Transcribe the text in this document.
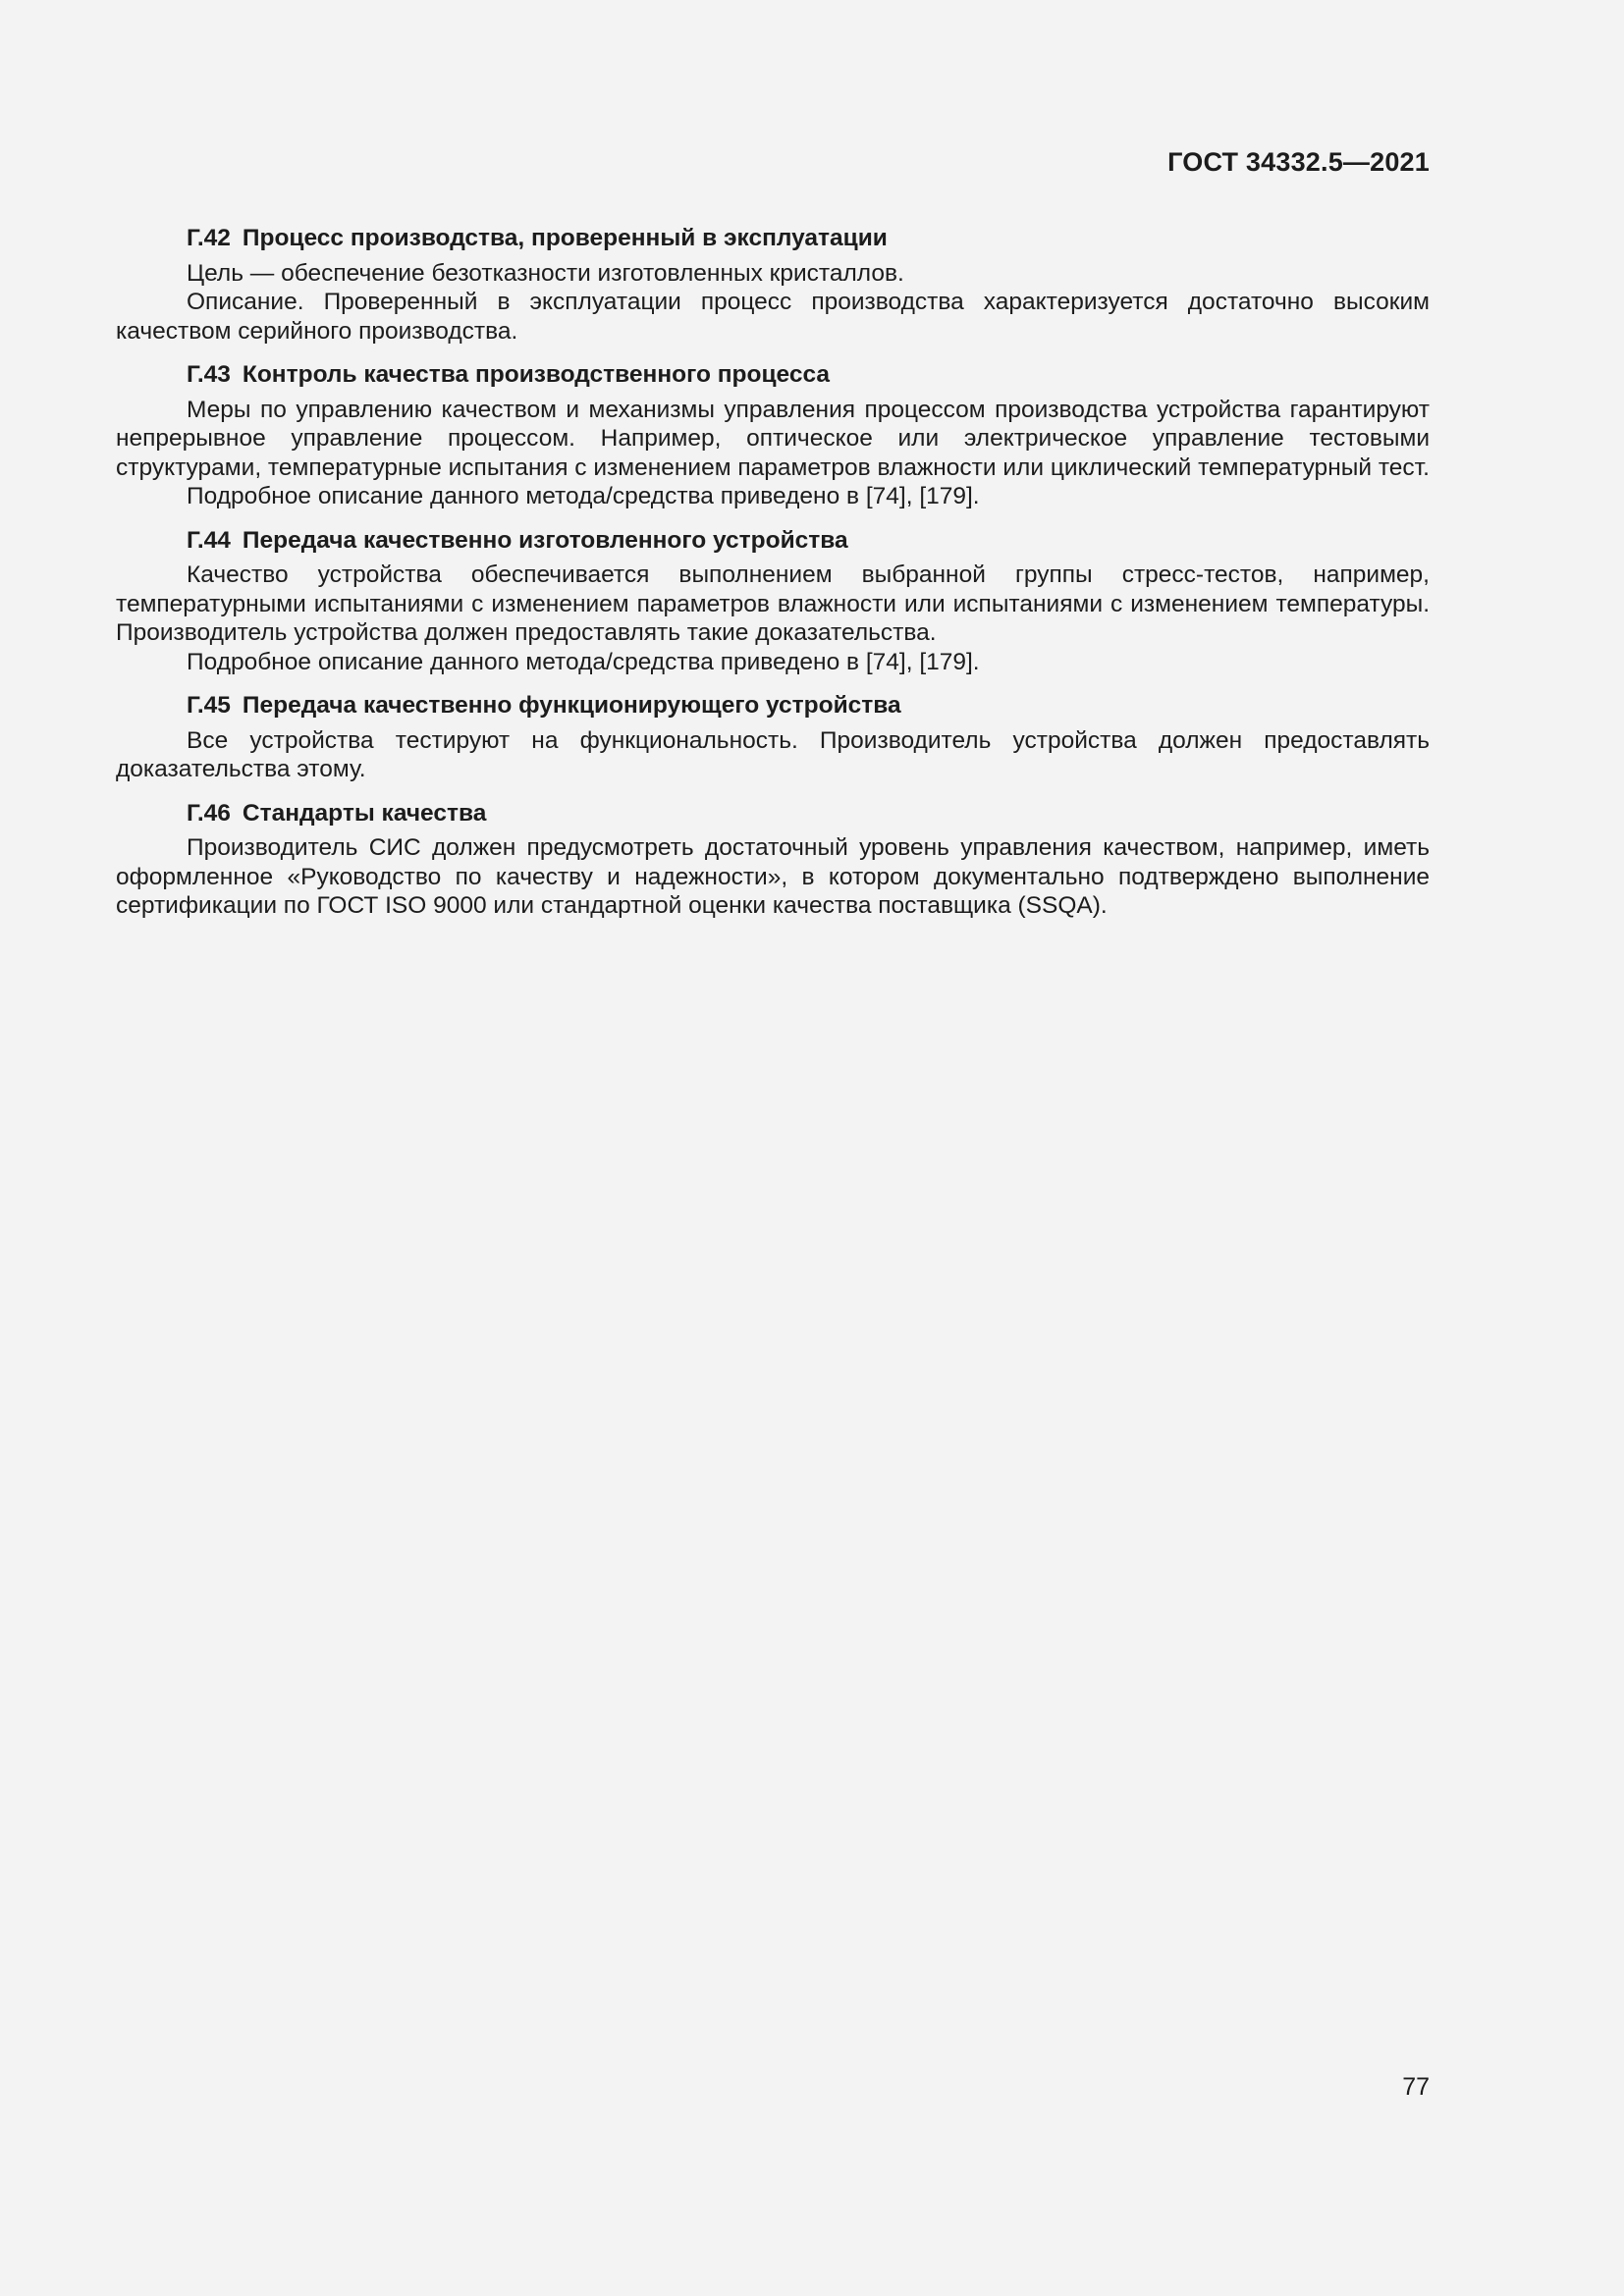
ГОСТ 34332.5—2021
Г.42 Процесс производства, проверенный в эксплуатации

Цель — обеспечение безотказности изготовленных кристаллов.

Описание. Проверенный в эксплуатации процесс производства характеризуется достаточно высоким качеством серийного производства.

Г.43 Контроль качества производственного процесса

Меры по управлению качеством и механизмы управления процессом производства устройства гарантируют непрерывное управление процессом. Например, оптическое или электрическое управление тестовыми структурами, температурные испытания с изменением параметров влажности или циклический температурный тест.

Подробное описание данного метода/средства приведено в [74], [179].

Г.44 Передача качественно изготовленного устройства

Качество устройства обеспечивается выполнением выбранной группы стресс-тестов, например, температурными испытаниями с изменением параметров влажности или испытаниями с изменением температуры. Производитель устройства должен предоставлять такие доказательства.

Подробное описание данного метода/средства приведено в [74], [179].

Г.45 Передача качественно функционирующего устройства

Все устройства тестируют на функциональность. Производитель устройства должен предоставлять доказательства этому.

Г.46 Стандарты качества

Производитель СИС должен предусмотреть достаточный уровень управления качеством, например, иметь оформленное «Руководство по качеству и надежности», в котором документально подтверждено выполнение сертификации по ГОСТ ISO 9000 или стандартной оценки качества поставщика (SSQA).

77
